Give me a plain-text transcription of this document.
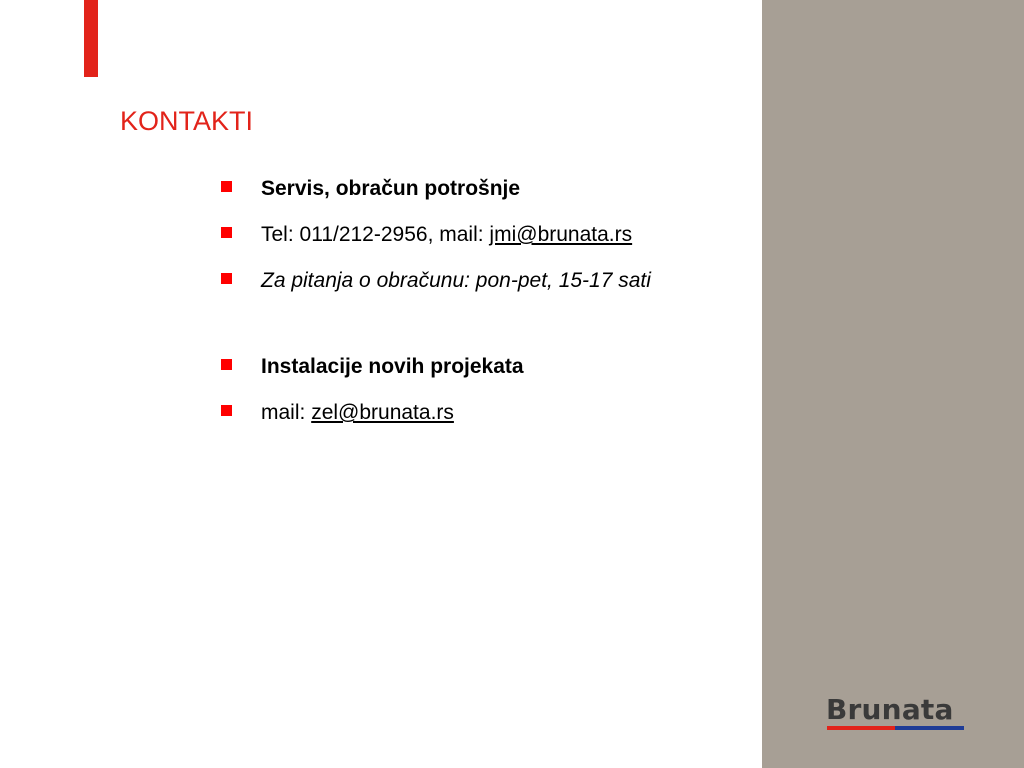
KONTAKTI
Servis, obračun potrošnje
Tel: 011/212-2956, mail: jmi@brunata.rs
Za pitanja o obračunu: pon-pet, 15-17 sati
Instalacije novih projekata
mail: zel@brunata.rs
Brunata
